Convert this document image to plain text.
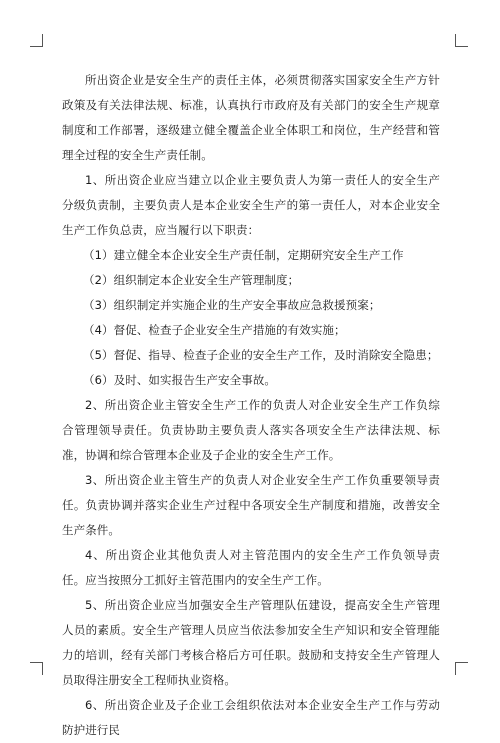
所出资企业是安全生产的责任主体，必须贯彻落实国家安全生产方针政策及有关法律法规、标准，认真执行市政府及有关部门的安全生产规章制度和工作部署，逐级建立健全覆盖企业全体职工和岗位，生产经营和管理全过程的安全生产责任制。

1、所出资企业应当建立以企业主要负责人为第一责任人的安全生产分级负责制，主要负责人是本企业安全生产的第一责任人，对本企业安全生产工作负总责，应当履行以下职责：

（1）建立健全本企业安全生产责任制，定期研究安全生产工作

（2）组织制定本企业安全生产管理制度；

（3）组织制定并实施企业的生产安全事故应急救援预案；

（4）督促、检查子企业安全生产措施的有效实施；

（5）督促、指导、检查子企业的安全生产工作，及时消除安全隐患；

（6）及时、如实报告生产安全事故。

2、所出资企业主管安全生产工作的负责人对企业安全生产工作负综合管理领导责任。负责协助主要负责人落实各项安全生产法律法规、标准，协调和综合管理本企业及子企业的安全生产工作。

3、所出资企业主管生产的负责人对企业安全生产工作负重要领导责任。负责协调并落实企业生产过程中各项安全生产制度和措施，改善安全生产条件。

4、所出资企业其他负责人对主管范围内的安全生产工作负领导责任。应当按照分工抓好主管范围内的安全生产工作。

5、所出资企业应当加强安全生产管理队伍建设，提高安全生产管理人员的素质。安全生产管理人员应当依法参加安全生产知识和安全管理能力的培训，经有关部门考核合格后方可任职。鼓励和支持安全生产管理人员取得注册安全工程师执业资格。

6、所出资企业及子企业工会组织依法对本企业安全生产工作与劳动防护进行民
